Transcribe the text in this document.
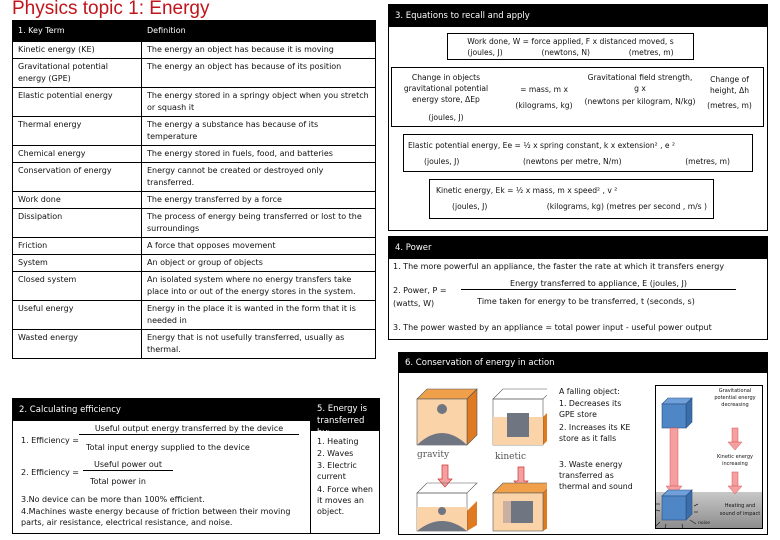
Physics topic 1: Energy
1. Key Term	Definition
Kinetic energy (KE)	The energy an object has because it is moving
Gravitational potential energy (GPE)	The energy an object has because of its position
Elastic potential energy	The energy stored in a springy object when you stretch or squash it
Thermal energy	The energy a substance has because of its temperature
Chemical energy	The energy stored in fuels, food, and batteries
Conservation of energy	Energy cannot be created or destroyed only transferred.
Work done	The energy transferred by a force
Dissipation	The process of energy being transferred or lost to the surroundings
Friction	A force that opposes movement
System	An object or group of objects
Closed system	An isolated system where no energy transfers take place into or out of the energy stores in the system.
Useful energy	Energy in the place it is wanted in the form that it is needed in
Wasted energy	Energy that is not usefully transferred, usually as thermal.
2. Calculating efficiency
1. Efficiency =
Useful output energy transferred by the device
Total input energy supplied to the device
2. Efficiency =
Useful power out
Total power in
3.No device can be more than 100% efficient.
4.Machines waste energy because of friction between their moving parts, air resistance, electrical resistance, and noise.
5. Energy is transferred by:
1. Heating
2. Waves
3. Electric current
4. Force when it moves an object.
3. Equations to recall and apply
Work done, W = force applied, F x distanced moved, s
(joules, J)	(newtons, N)	(metres, m)
Change in objects gravitational potential energy store, ΔEp
(joules, J)
= mass, m x
(kilograms, kg)
Gravitational field strength, g x
(newtons per kilogram, N/kg)
Change of height, Δh
(metres, m)
Elastic potential energy, Ee = ½ x spring constant, k x extension² , e ²
(joules, J)	(newtons per metre, N/m)	(metres, m)
Kinetic energy, Ek = ½ x mass, m x speed² , v ²
(joules, J)	(kilograms, kg) (metres per second , m/s )
4. Power
1. The more powerful an appliance, the faster the rate at which it transfers energy
2. Power, P =
(watts, W)
Energy transferred to appliance, E (joules, J)
Time taken for energy to be transferred, t (seconds, s)
3. The power wasted by an appliance = total power input - useful power output
6. Conservation of energy in action
gravity	kinetic
A falling object:
1. Decreases its GPE store
2. Increases its KE store as it falls
3. Waste energy transferred as thermal and sound
Gravitational potential energy decreasing
Kinetic energy increasing
Heating and sound of impact
noise
